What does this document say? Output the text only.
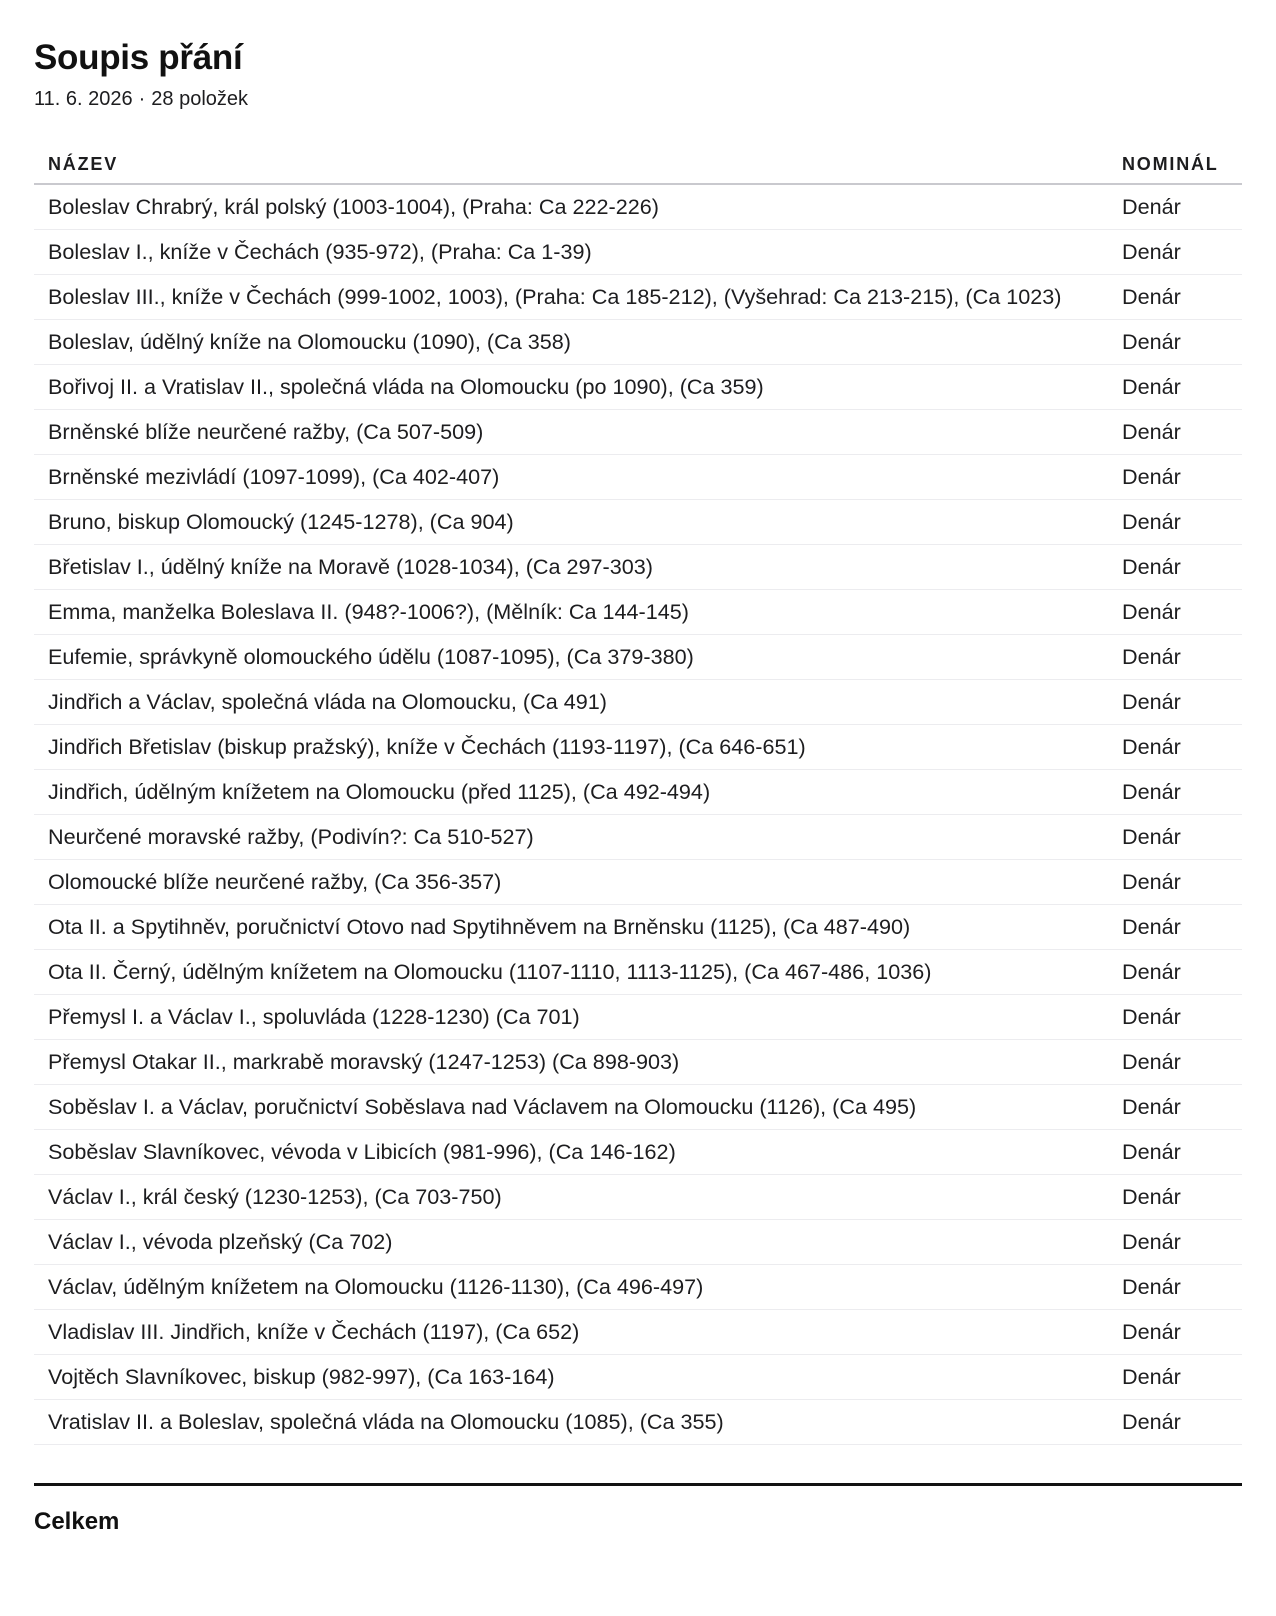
Soupis přání
11. 6. 2026 · 28 položek
NÁZEV	NOMINÁL
Boleslav Chrabrý, král polský (1003-1004), (Praha: Ca 222-226)	Denár
Boleslav I., kníže v Čechách (935-972), (Praha: Ca 1-39)	Denár
Boleslav III., kníže v Čechách (999-1002, 1003), (Praha: Ca 185-212), (Vyšehrad: Ca 213-215), (Ca 1023)	Denár
Boleslav, údělný kníže na Olomoucku (1090), (Ca 358)	Denár
Bořivoj II. a Vratislav II., společná vláda na Olomoucku (po 1090), (Ca 359)	Denár
Brněnské blíže neurčené ražby, (Ca 507-509)	Denár
Brněnské mezivládí (1097-1099), (Ca 402-407)	Denár
Bruno, biskup Olomoucký (1245-1278), (Ca 904)	Denár
Břetislav I., údělný kníže na Moravě (1028-1034), (Ca 297-303)	Denár
Emma, manželka Boleslava II. (948?-1006?), (Mělník: Ca 144-145)	Denár
Eufemie, správkyně olomouckého údělu (1087-1095), (Ca 379-380)	Denár
Jindřich a Václav, společná vláda na Olomoucku, (Ca 491)	Denár
Jindřich Břetislav (biskup pražský), kníže v Čechách (1193-1197), (Ca 646-651)	Denár
Jindřich, údělným knížetem na Olomoucku (před 1125), (Ca 492-494)	Denár
Neurčené moravské ražby, (Podivín?: Ca 510-527)	Denár
Olomoucké blíže neurčené ražby, (Ca 356-357)	Denár
Ota II. a Spytihněv, poručnictví Otovo nad Spytihněvem na Brněnsku (1125), (Ca 487-490)	Denár
Ota II. Černý, údělným knížetem na Olomoucku (1107-1110, 1113-1125), (Ca 467-486, 1036)	Denár
Přemysl I. a Václav I., spoluvláda (1228-1230) (Ca 701)	Denár
Přemysl Otakar II., markrabě moravský (1247-1253) (Ca 898-903)	Denár
Soběslav I. a Václav, poručnictví Soběslava nad Václavem na Olomoucku (1126), (Ca 495)	Denár
Soběslav Slavníkovec, vévoda v Libicích (981-996), (Ca 146-162)	Denár
Václav I., král český (1230-1253), (Ca 703-750)	Denár
Václav I., vévoda plzeňský (Ca 702)	Denár
Václav, údělným knížetem na Olomoucku (1126-1130), (Ca 496-497)	Denár
Vladislav III. Jindřich, kníže v Čechách (1197), (Ca 652)	Denár
Vojtěch Slavníkovec, biskup (982-997), (Ca 163-164)	Denár
Vratislav II. a Boleslav, společná vláda na Olomoucku (1085), (Ca 355)	Denár
Celkem
